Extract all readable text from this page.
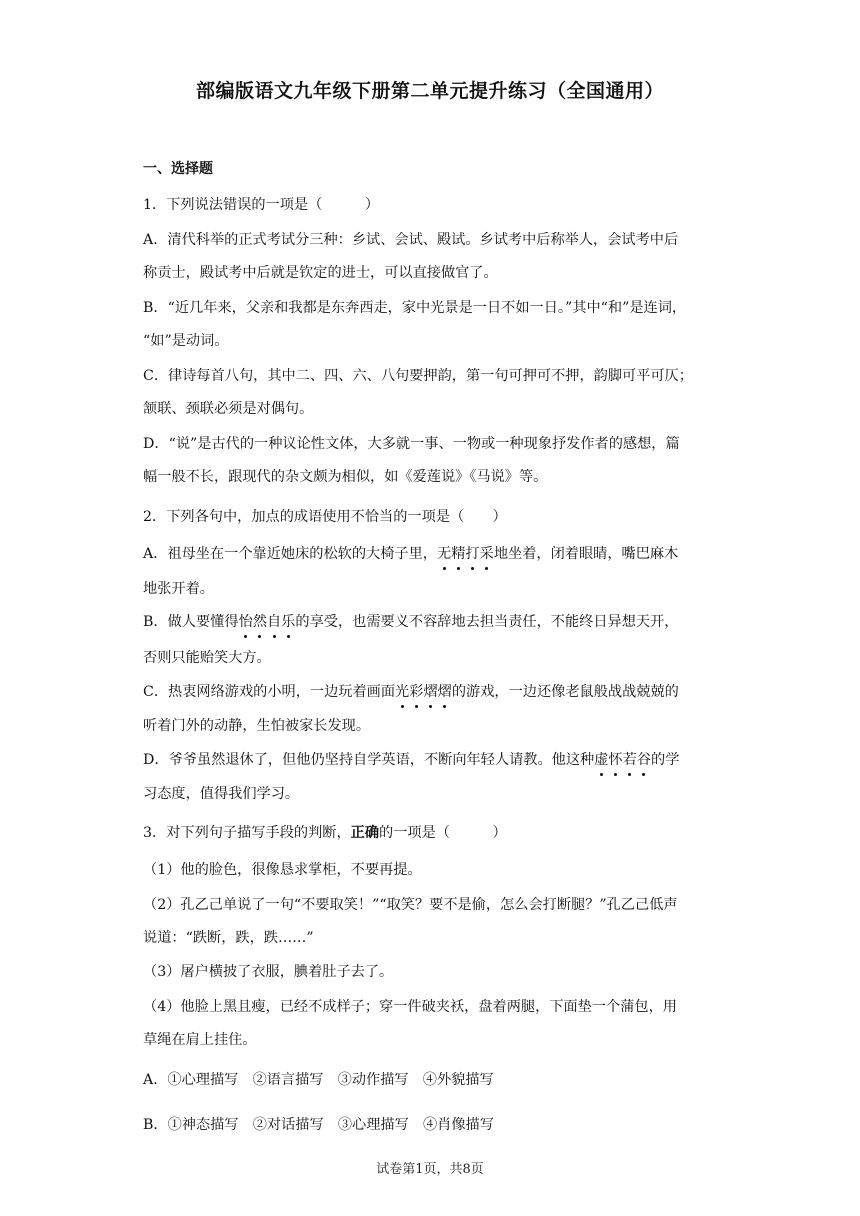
部编版语文九年级下册第二单元提升练习（全国通用）
一、选择题
1．下列说法错误的一项是（　　　）
A．清代科举的正式考试分三种：乡试、会试、殿试。乡试考中后称举人，会试考中后
称贡士，殿试考中后就是钦定的进士，可以直接做官了。
B．“近几年来，父亲和我都是东奔西走，家中光景是一日不如一日。”其中“和”是连词，
“如”是动词。
C．律诗每首八句，其中二、四、六、八句要押韵，第一句可押可不押，韵脚可平可仄；
颔联、颈联必须是对偶句。
D．“说”是古代的一种议论性文体，大多就一事、一物或一种现象抒发作者的感想，篇
幅一般不长，跟现代的杂文颇为相似，如《爱莲说》《马说》等。
2．下列各句中，加点的成语使用不恰当的一项是（　　）
A．祖母坐在一个靠近她床的松软的大椅子里，无精打采地坐着，闭着眼睛，嘴巴麻木
地张开着。
B．做人要懂得怡然自乐的享受，也需要义不容辞地去担当责任，不能终日异想天开，
否则只能贻笑大方。
C．热衷网络游戏的小明，一边玩着画面光彩熠熠的游戏，一边还像老鼠般战战兢兢的
听着门外的动静，生怕被家长发现。
D．爷爷虽然退休了，但他仍坚持自学英语，不断向年轻人请教。他这种虚怀若谷的学
习态度，值得我们学习。
3．对下列句子描写手段的判断，正确的一项是（　　　）
（1）他的脸色，很像恳求掌柜，不要再提。
（2）孔乙己单说了一句“不要取笑！”“取笑？要不是偷，怎么会打断腿？”孔乙己低声
说道：“跌断，跌，跌……”
（3）屠户横披了衣服，腆着肚子去了。
（4）他脸上黑且瘦，已经不成样子；穿一件破夹袄，盘着两腿，下面垫一个蒲包，用
草绳在肩上挂住。
A．①心理描写　②语言描写　③动作描写　④外貌描写
B．①神态描写　②对话描写　③心理描写　④肖像描写
试卷第1页，共8页
